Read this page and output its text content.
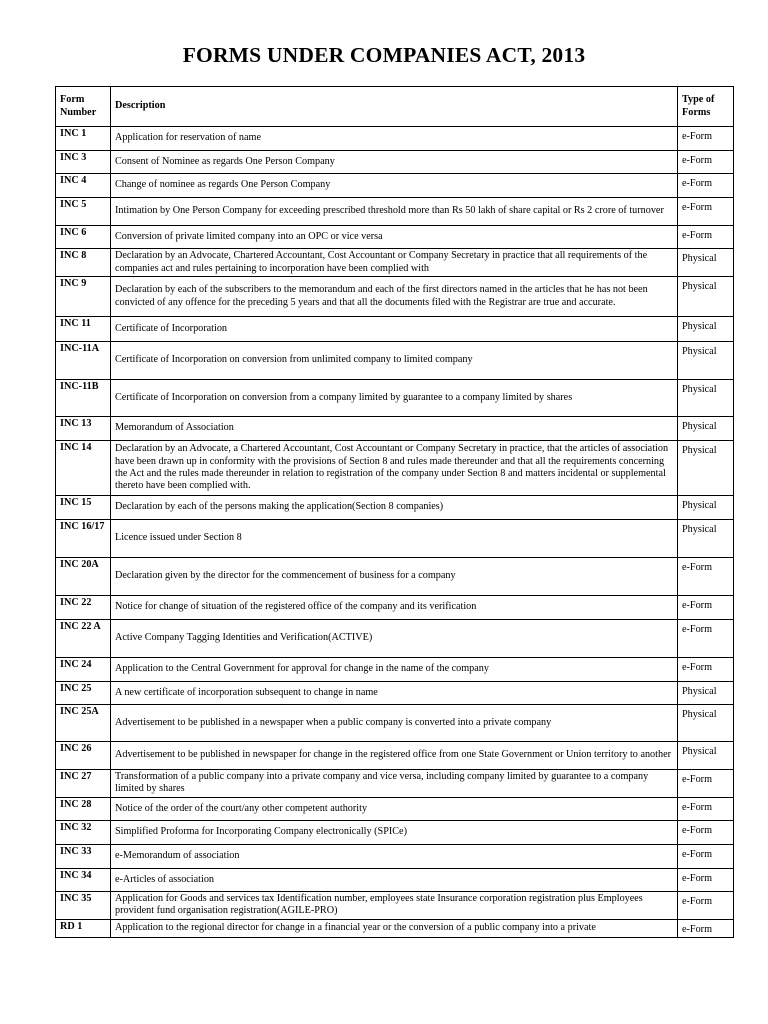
FORMS UNDER COMPANIES ACT, 2013
Form Number	Description	Type of Forms
INC 1	Application for reservation of name	e-Form
INC 3	Consent of Nominee as regards One Person Company	e-Form
INC 4	Change of nominee as regards One Person Company	e-Form
INC 5	Intimation by One Person Company for exceeding prescribed threshold more than Rs 50 lakh of share capital or Rs 2 crore of turnover	e-Form
INC 6	Conversion of private limited company into an OPC or vice versa	e-Form
INC 8	Declaration by an Advocate, Chartered Accountant, Cost Accountant or Company Secretary in practice that all requirements of the companies act and rules pertaining to incorporation have been complied with	Physical
INC 9	Declaration by each of the subscribers to the memorandum and each of the first directors named in the articles that he has not been convicted of any offence for the preceding 5 years and that all the documents filed with the Registrar are true and accurate.	Physical
INC 11	Certificate of Incorporation	Physical
INC-11A	Certificate of Incorporation on conversion from unlimited company to limited company	Physical
INC-11B	Certificate of Incorporation on conversion from a company limited by guarantee to a company limited by shares	Physical
INC 13	Memorandum of Association	Physical
INC 14	Declaration by an Advocate, a Chartered Accountant, Cost Accountant or Company Secretary in practice, that the articles of association have been drawn up in conformity with the provisions of Section 8 and rules made thereunder and that all the requirements concerning the Act and the rules made thereunder in relation to registration of the company under Section 8 and matters incidental or supplemental thereto have been complied with.	Physical
INC 15	Declaration by each of the persons making the application(Section 8 companies)	Physical
INC 16/17	Licence issued under Section 8	Physical
INC 20A	Declaration given by the director for the commencement of business for a company	e-Form
INC 22	Notice for change of situation of the registered office of the company and its verification	e-Form
INC 22 A	Active Company Tagging Identities and Verification(ACTIVE)	e-Form
INC 24	Application to the Central Government for approval for change in the name of the company	e-Form
INC 25	A new certificate of incorporation subsequent to change in name	Physical
INC 25A	Advertisement to be published in a newspaper when a public company is converted into a private company	Physical
INC 26	Advertisement to be published in newspaper for change in the registered office from one State Government or Union territory to another	Physical
INC 27	Transformation of a public company into a private company and vice versa, including company limited by guarantee to a company limited by shares	e-Form
INC 28	Notice of the order of the court/any other competent authority	e-Form
INC 32	Simplified Proforma for Incorporating Company electronically (SPICe)	e-Form
INC 33	e-Memorandum of association	e-Form
INC 34	e-Articles of association	e-Form
INC 35	Application for Goods and services tax Identification number, employees state Insurance corporation registration plus Employees provident fund organisation registration(AGILE-PRO)	e-Form
RD 1	Application to the regional director for change in a financial year or the conversion of a public company into a private	e-Form
